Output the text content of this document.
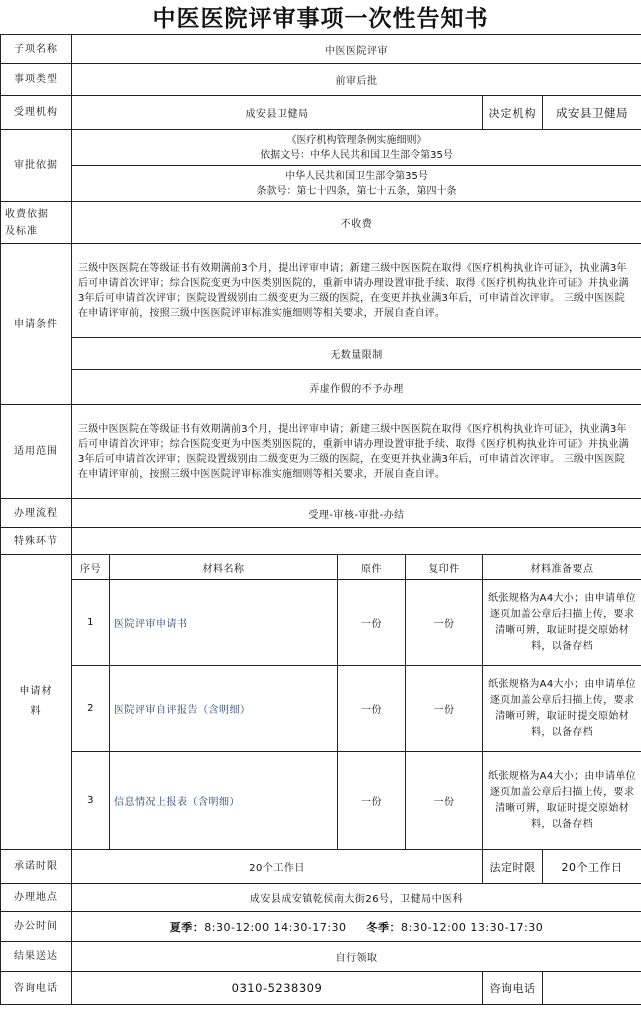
中医医院评审事项一次性告知书
子项名称	中医医院评审					
事项类型	前审后批					
受理机构	成安县卫健局				决定机构	成安县卫健局
审批依据	《医疗机构管理条例实施细则》
依据文号：中华人民共和国卫生部令第35号					

	中华人民共和国卫生部令第35号
条款号：第七十四条，第七十五条，第四十条					

收费依据
及标准	不收费					
申请条件	三级中医医院在等级证书有效期满前3个月，提出评审申请；新建三级中医医院在取得《医疗机构执业许可证》，执业满3年后可申请首次评审；综合医院变更为中医类别医院的，重新申请办理设置审批手续、取得《医疗机构执业许可证》并执业满3年后可申请首次评审；医院设置级别由二级变更为三级的医院，在变更并执业满3年后，可申请首次评审。 三级中医医院在申请评审前，按照三级中医医院评审标准实施细则等相关要求，开展自查自评。					
	无数量限制					
	弄虚作假的不予办理					
适用范围	三级中医医院在等级证书有效期满前3个月，提出评审申请；新建三级中医医院在取得《医疗机构执业许可证》，执业满3年后可申请首次评审；综合医院变更为中医类别医院的，重新申请办理设置审批手续、取得《医疗机构执业许可证》并执业满3年后可申请首次评审；医院设置级别由二级变更为三级的医院，在变更并执业满3年后，可申请首次评审。 三级中医医院在申请评审前，按照三级中医医院评审标准实施细则等相关要求，开展自查自评。					
办理流程	受理-审核-审批-办结					
特殊环节						

申请材
料	序号	材料名称	原件	复印件	材料准备要点	
	1	医院评审申请书	一份	一份	纸张规格为A4大小；由申请单位逐页加盖公章后扫描上传，要求清晰可辨，取证时提交原始材料，以备存档	
	2	医院评审自评报告（含明细）	一份	一份	纸张规格为A4大小；由申请单位逐页加盖公章后扫描上传，要求清晰可辨，取证时提交原始材料，以备存档	
	3	信息情况上报表（含明细）	一份	一份	纸张规格为A4大小；由申请单位逐页加盖公章后扫描上传，要求清晰可辨，取证时提交原始材料，以备存档	
承诺时限	20个工作日				法定时限	20个工作日
办理地点	成安县成安镇乾侯南大街26号，卫健局中医科					
办公时间	夏季：8:30-12:00 14:30-17:30 冬季：8:30-12:00 13:30-17:30					
结果送达	自行领取					
咨询电话	0310-5238309				咨询电话	
